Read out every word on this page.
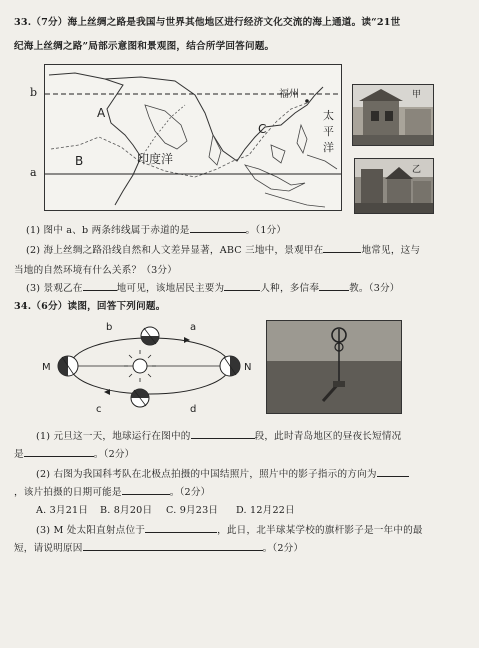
33.（7分）海上丝绸之路是我国与世界其他地区进行经济文化交流的海上通道。读“21世
纪海上丝绸之路”局部示意图和景观图，结合所学回答问题。
A
B
C
印度洋
福州
太
平
洋
b
a
甲
乙
(1) 图中 a、b 两条纬线属于赤道的是	。（1分）
(2) 海上丝绸之路沿线自然和人文差异显著，ABC 三地中，景观甲在	地常见，这与
当地的自然环境有什么关系？（3分）
(3) 景观乙在	地可见，该地居民主要为	人种，多信奉	教。（3分）
34.（6分）读图，回答下列问题。
b	a
c	d
M	N
(1) 元旦这一天，地球运行在图中的	段，此时青岛地区的昼夜长短情况
是	。（2分）
(2) 右图为我国科考队在北极点拍摄的中国结照片，照片中的影子指示的方向为
，该片拍摄的日期可能是	。（2分）
A. 3月21日 B. 8月20日 C. 9月23日 D. 12月22日
(3) M 处太阳直射点位于	，此日，北半球某学校的旗杆影子是一年中的最
短，请说明原因	。（2分）
